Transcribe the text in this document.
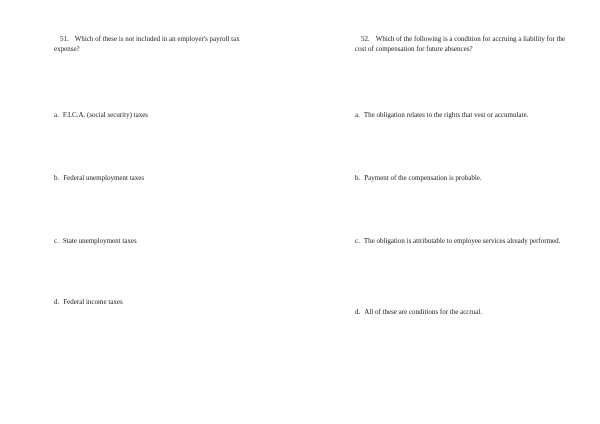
51. Which of these is not included in an employer's payroll tax expense?

a. F.I.C.A. (social security) taxes

b. Federal unemployment taxes

c. State unemployment taxes

d. Federal income taxes

52. Which of the following is a condition for accruing a liability for the cost of compensation for future absences?

a. The obligation relates to the rights that vest or accumulate.

b. Payment of the compensation is probable.

c. The obligation is attributable to employee services already performed.

d. All of these are conditions for the accrual.
